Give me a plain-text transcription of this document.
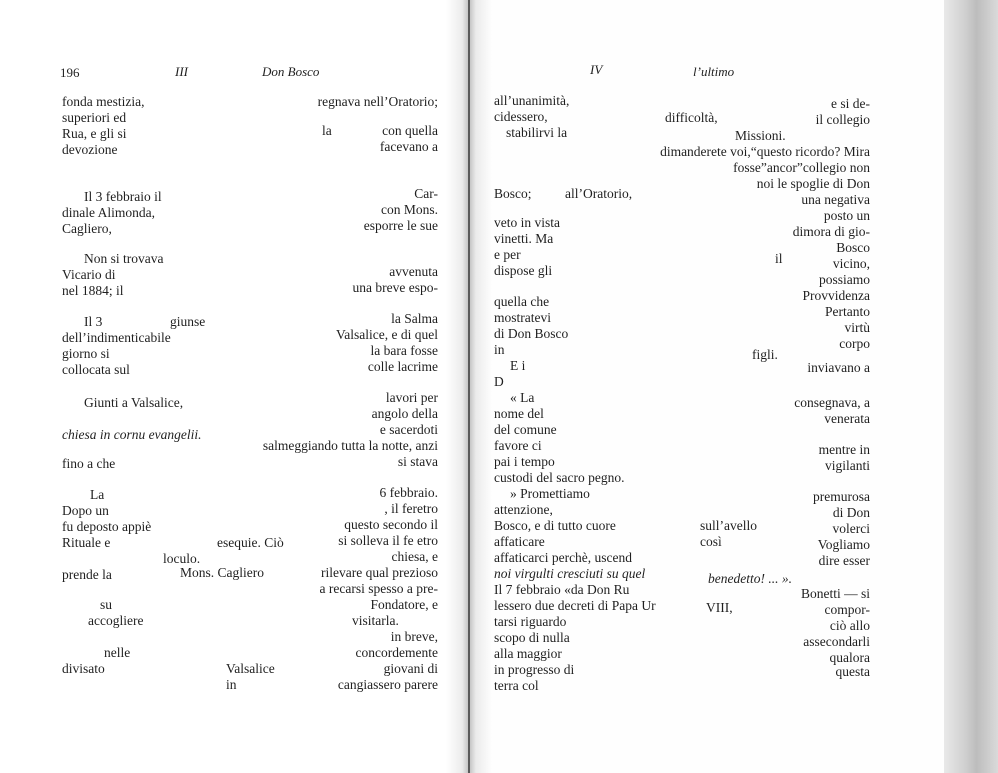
196	III	Don Bosco
fonda mestizia,	regnava nell’Oratorio;
superiori ed
la	con quella
Rua, e gli si
devozione	facevano a
Il 3 febbraio il	Car-
dinale Alimonda,	con Mons.
Cagliero,	esporre le sue
Non si trovava
Vicario di	avvenuta
nel 1884; il	una breve espo-
Il 3	giunse	la Salma
dell’indimenticabile	Valsalice, e di quel
giorno si	la bara fosse
collocata sul	colle lacrime
Giunti a Valsalice,	lavori per
angolo della
chiesa in cornu evangelii.	e sacerdoti
salmeggiando tutta la notte, anzi
fino a che	si stava
La	6 febbraio.
Dopo un	, il feretro
fu deposto appiè	questo secondo il
Rituale e	esequie. Ciò	si solleva il fe etro
loculo.	chiesa, e
prende la	Mons. Cagliero	rilevare qual prezioso
a recarsi spesso a pre-
su	Fondatore, e
accogliere	visitarla.
in breve,
nelle	concordemente
divisato	Valsalice	giovani di
in	cangiassero parere
IV	l’ultimo
all’unanimità,	e si de-
cidessero,	difficoltà,	il collegio
stabilirvi la	Missioni.
dimanderete voi,“questo ricordo? Mira
fosse”ancor”collegio non
noi le spoglie di Don
Bosco; all’Oratorio,	una negativa
posto un
veto in vista
dimora di gio-
vinetti. Ma
Bosco
e per	il	vicino,
dispose gli
possiamo
Provvidenza
quella che
Pertanto
mostratevi
virtù
di Don Bosco
corpo
in	figli.
E i	inviavano a
D
« La	consegnava, a
nome del	venerata
del comune
favore ci	mentre in
pai i tempo	vigilanti
custodi del sacro pegno.
» Promettiamo	premurosa
attenzione,	di Don
Bosco, e di tutto cuore	sull’avello	volerci
affaticare	così	Vogliamo
affaticarci perchè, uscend	dire esser
noi virgulti cresciuti su quel	benedetto! ... ».
Il 7 febbraio «da Don Ru	Bonetti — si
lessero due decreti di Papa Ur	VIII,	compor-
tarsi riguardo	ciò allo
scopo di nulla	assecondarli
alla maggior	qualora
in progresso di	questa
terra col
